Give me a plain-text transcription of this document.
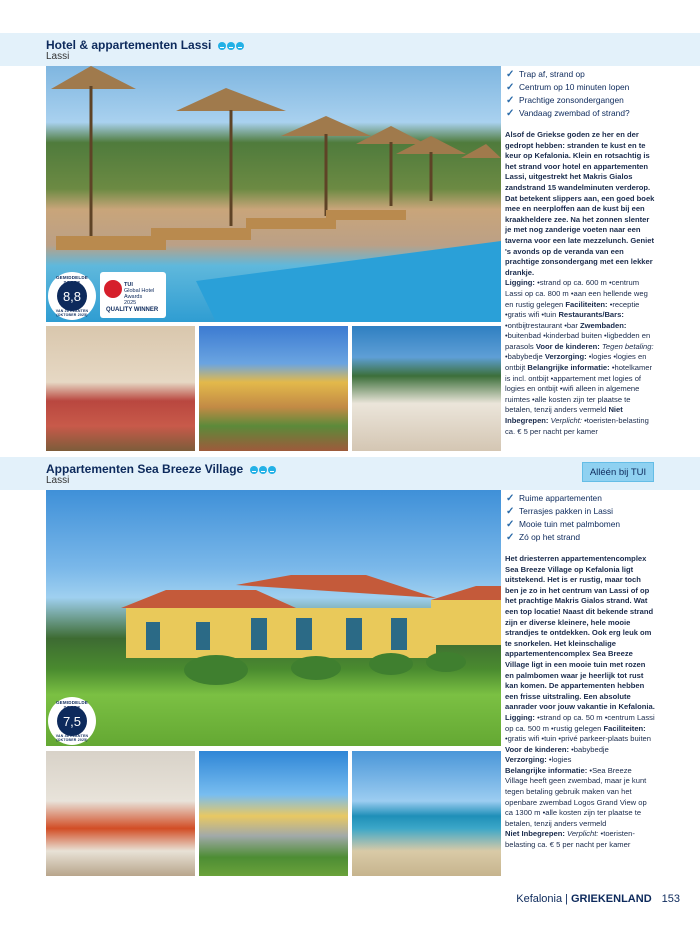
Hotel & appartementen Lassi
Lassi
GEMIDDELDE SCORE
8,8
VAN 26 KLANTEN (OKTOBER 2025)
TUI
Global Hotel
Awards
2025
QUALITY WINNER
✓ Trap af, strand op
✓ Centrum op 10 minuten lopen
✓ Prachtige zonsondergangen
✓ Vandaag zwembad of strand?
Alsof de Griekse goden ze her en der gedropt hebben: stranden te kust en te keur op Kefalonia. Klein en rotsachtig is het strand voor hotel en appartementen Lassi, uitgestrekt het Makris Gialos zandstrand 15 wandelminuten verderop. Dat betekent slippers aan, een goed boek mee en neerploffen aan de kust bij een kraakheldere zee. Na het zonnen slenter je met nog zanderige voeten naar een taverna voor een late mezzelunch. Geniet 's avonds op de veranda van een prachtige zonsondergang met een lekker drankje.
Ligging: •strand op ca. 600 m •centrum Lassi op ca. 800 m •aan een hellende weg en rustig gelegen Faciliteiten: •receptie •gratis wifi •tuin Restaurants/Bars: •ontbijtrestaurant •bar Zwembaden: •buitenbad •kinderbad buiten •ligbedden en parasols Voor de kinderen: Tegen betaling: •babybedje Verzorging: •logies •logies en ontbijt Belangrijke informatie: •hotelkamer is incl. ontbijt •appartement met logies of logies en ontbijt •wifi alleen in algemene ruimtes •alle kosten zijn ter plaatse te betalen, tenzij anders vermeld Niet Inbegrepen: Verplicht: •toeristen-belasting ca. € 5 per nacht per kamer
Appartementen Sea Breeze Village
Lassi
Alléén bij TUI
GEMIDDELDE SCORE
7,5
VAN 46 KLANTEN (OKTOBER 2025)
✓ Ruime appartementen
✓ Terrasjes pakken in Lassi
✓ Mooie tuin met palmbomen
✓ Zó op het strand
Het driesterren appartementencomplex Sea Breeze Village op Kefalonia ligt uitstekend. Het is er rustig, maar toch ben je zo in het centrum van Lassi of op het prachtige Makris Gialos strand. Wat een top locatie! Naast dit bekende strand zijn er diverse kleinere, hele mooie strandjes te ontdekken. Ook erg leuk om te snorkelen. Het kleinschalige appartementencomplex Sea Breeze Village ligt in een mooie tuin met rozen en palmbomen waar je heerlijk tot rust kan komen. De appartementen hebben een frisse uitstraling. Een absolute aanrader voor jouw vakantie in Kefalonia.
Ligging: •strand op ca. 50 m •centrum Lassi op ca. 500 m •rustig gelegen Faciliteiten: •gratis wifi •tuin •privé parkeer-plaats buiten
Voor de kinderen: •babybedje
Verzorging: •logies
Belangrijke informatie: •Sea Breeze Village heeft geen zwembad, maar je kunt tegen betaling gebruik maken van het openbare zwembad Logos Grand View op ca 1300 m •alle kosten zijn ter plaatse te betalen, tenzij anders vermeld
Niet Inbegrepen: Verplicht: •toeristen-belasting ca. € 5 per nacht per kamer
Kefalonia | GRIEKENLAND 153
